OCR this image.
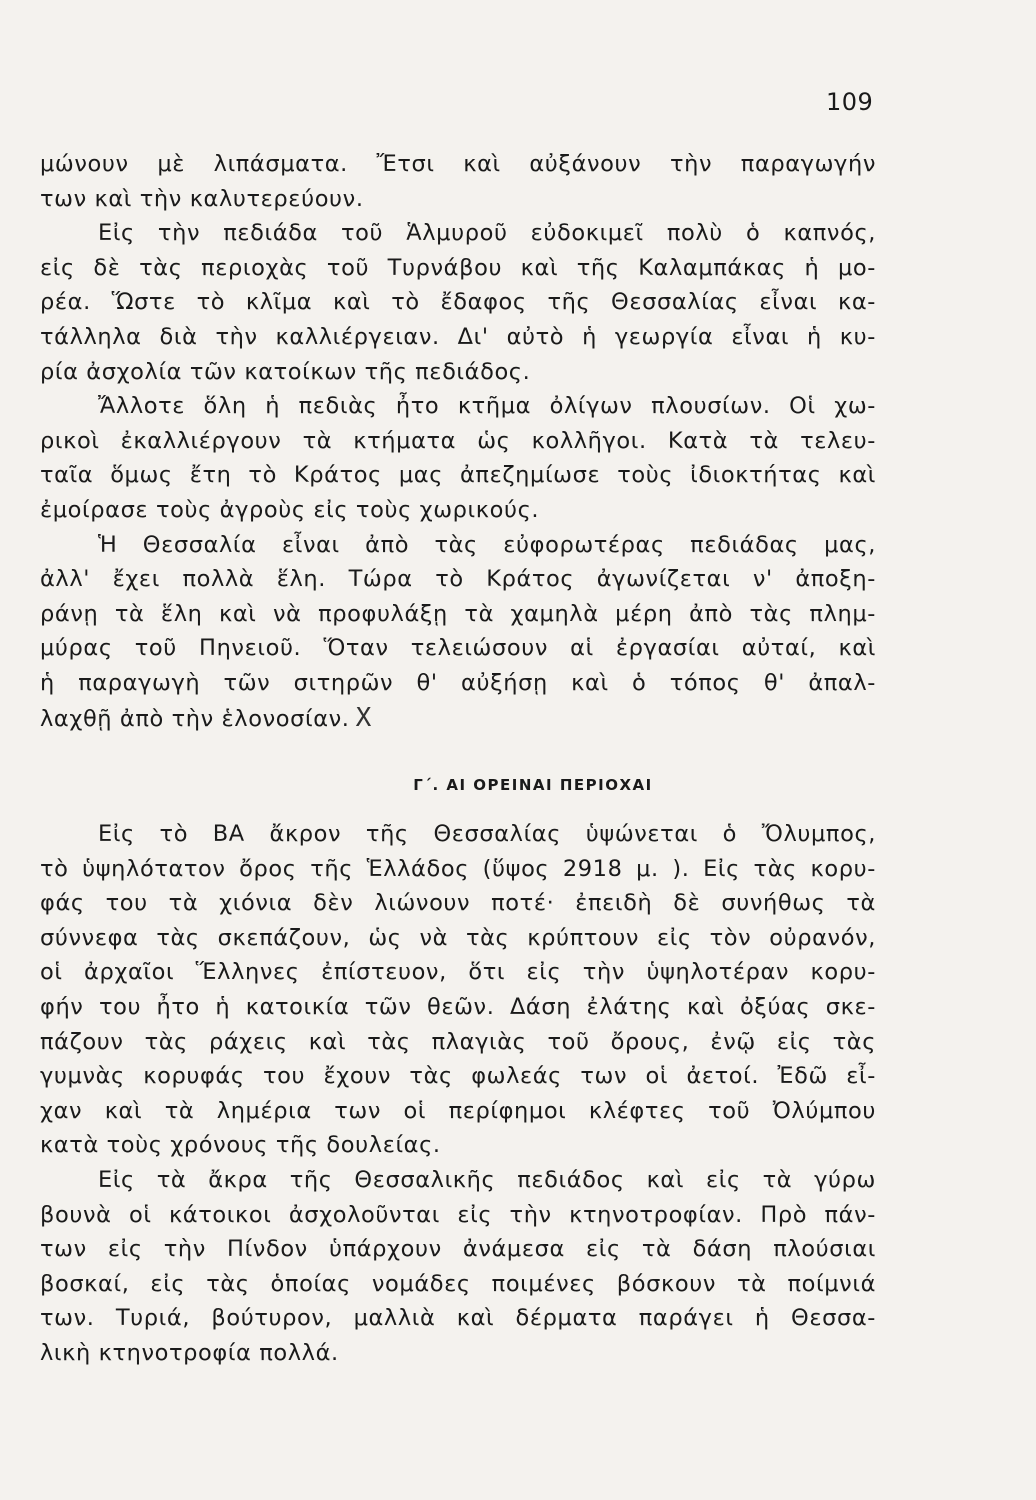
109
μώνουν μὲ λιπάσματα. Ἔτσι καὶ αὐξάνουν τὴν παραγωγήν
των καὶ τὴν καλυτερεύουν.
Εἰς τὴν πεδιάδα τοῦ Ἁλμυροῦ εὐδοκιμεῖ πολὺ ὁ καπνός,
εἰς δὲ τὰς περιοχὰς τοῦ Τυρνάβου καὶ τῆς Καλαμπάκας ἡ μο-
ρέα. Ὥστε τὸ κλῖμα καὶ τὸ ἔδαφος τῆς Θεσσαλίας εἶναι κα-
τάλληλα διὰ τὴν καλλιέργειαν. Δι' αὐτὸ ἡ γεωργία εἶναι ἡ κυ-
ρία ἀσχολία τῶν κατοίκων τῆς πεδιάδος.
Ἄλλοτε ὅλη ἡ πεδιὰς ἦτο κτῆμα ὀλίγων πλουσίων. Οἱ χω-
ρικοὶ ἐκαλλιέργουν τὰ κτήματα ὡς κολλῆγοι. Κατὰ τὰ τελευ-
ταῖα ὅμως ἔτη τὸ Κράτος μας ἀπεζημίωσε τοὺς ἰδιοκτήτας καὶ
ἐμοίρασε τοὺς ἀγροὺς εἰς τοὺς χωρικούς.
Ἡ Θεσσαλία εἶναι ἀπὸ τὰς εὐφορωτέρας πεδιάδας μας,
ἀλλ' ἔχει πολλὰ ἕλη. Τώρα τὸ Κράτος ἀγωνίζεται ν' ἀποξη-
ράνῃ τὰ ἕλη καὶ νὰ προφυλάξῃ τὰ χαμηλὰ μέρη ἀπὸ τὰς πλημ-
μύρας τοῦ Πηνειοῦ. Ὅταν τελειώσουν αἱ ἐργασίαι αὐταί, καὶ
ἡ παραγωγὴ τῶν σιτηρῶν θ' αὐξήσῃ καὶ ὁ τόπος θ' ἀπαλ-
λαχθῇ ἀπὸ τὴν ἑλονοσίαν. X
Γ΄. ΑΙ ΟΡΕΙΝΑΙ ΠΕΡΙΟΧΑΙ
Εἰς τὸ ΒΑ ἄκρον τῆς Θεσσαλίας ὑψώνεται ὁ Ὄλυμπος,
τὸ ὑψηλότατον ὄρος τῆς Ἑλλάδος (ὕψος 2918 μ. ). Εἰς τὰς κορυ-
φάς του τὰ χιόνια δὲν λιώνουν ποτέ· ἐπειδὴ δὲ συνήθως τὰ
σύννεφα τὰς σκεπάζουν, ὡς νὰ τὰς κρύπτουν εἰς τὸν οὐρανόν,
οἱ ἀρχαῖοι Ἕλληνες ἐπίστευον, ὅτι εἰς τὴν ὑψηλοτέραν κορυ-
φήν του ἦτο ἡ κατοικία τῶν θεῶν. Δάση ἐλάτης καὶ ὀξύας σκε-
πάζουν τὰς ράχεις καὶ τὰς πλαγιὰς τοῦ ὄρους, ἐνῷ εἰς τὰς
γυμνὰς κορυφάς του ἔχουν τὰς φωλεάς των οἱ ἀετοί. Ἐδῶ εἶ-
χαν καὶ τὰ λημέρια των οἱ περίφημοι κλέφτες τοῦ Ὀλύμπου
κατὰ τοὺς χρόνους τῆς δουλείας.
Εἰς τὰ ἄκρα τῆς Θεσσαλικῆς πεδιάδος καὶ εἰς τὰ γύρω
βουνὰ οἱ κάτοικοι ἀσχολοῦνται εἰς τὴν κτηνοτροφίαν. Πρὸ πάν-
των εἰς τὴν Πίνδον ὑπάρχουν ἀνάμεσα εἰς τὰ δάση πλούσιαι
βοσκαί, εἰς τὰς ὁποίας νομάδες ποιμένες βόσκουν τὰ ποίμνιά
των. Τυριά, βούτυρον, μαλλιὰ καὶ δέρματα παράγει ἡ Θεσσα-
λικὴ κτηνοτροφία πολλά.
